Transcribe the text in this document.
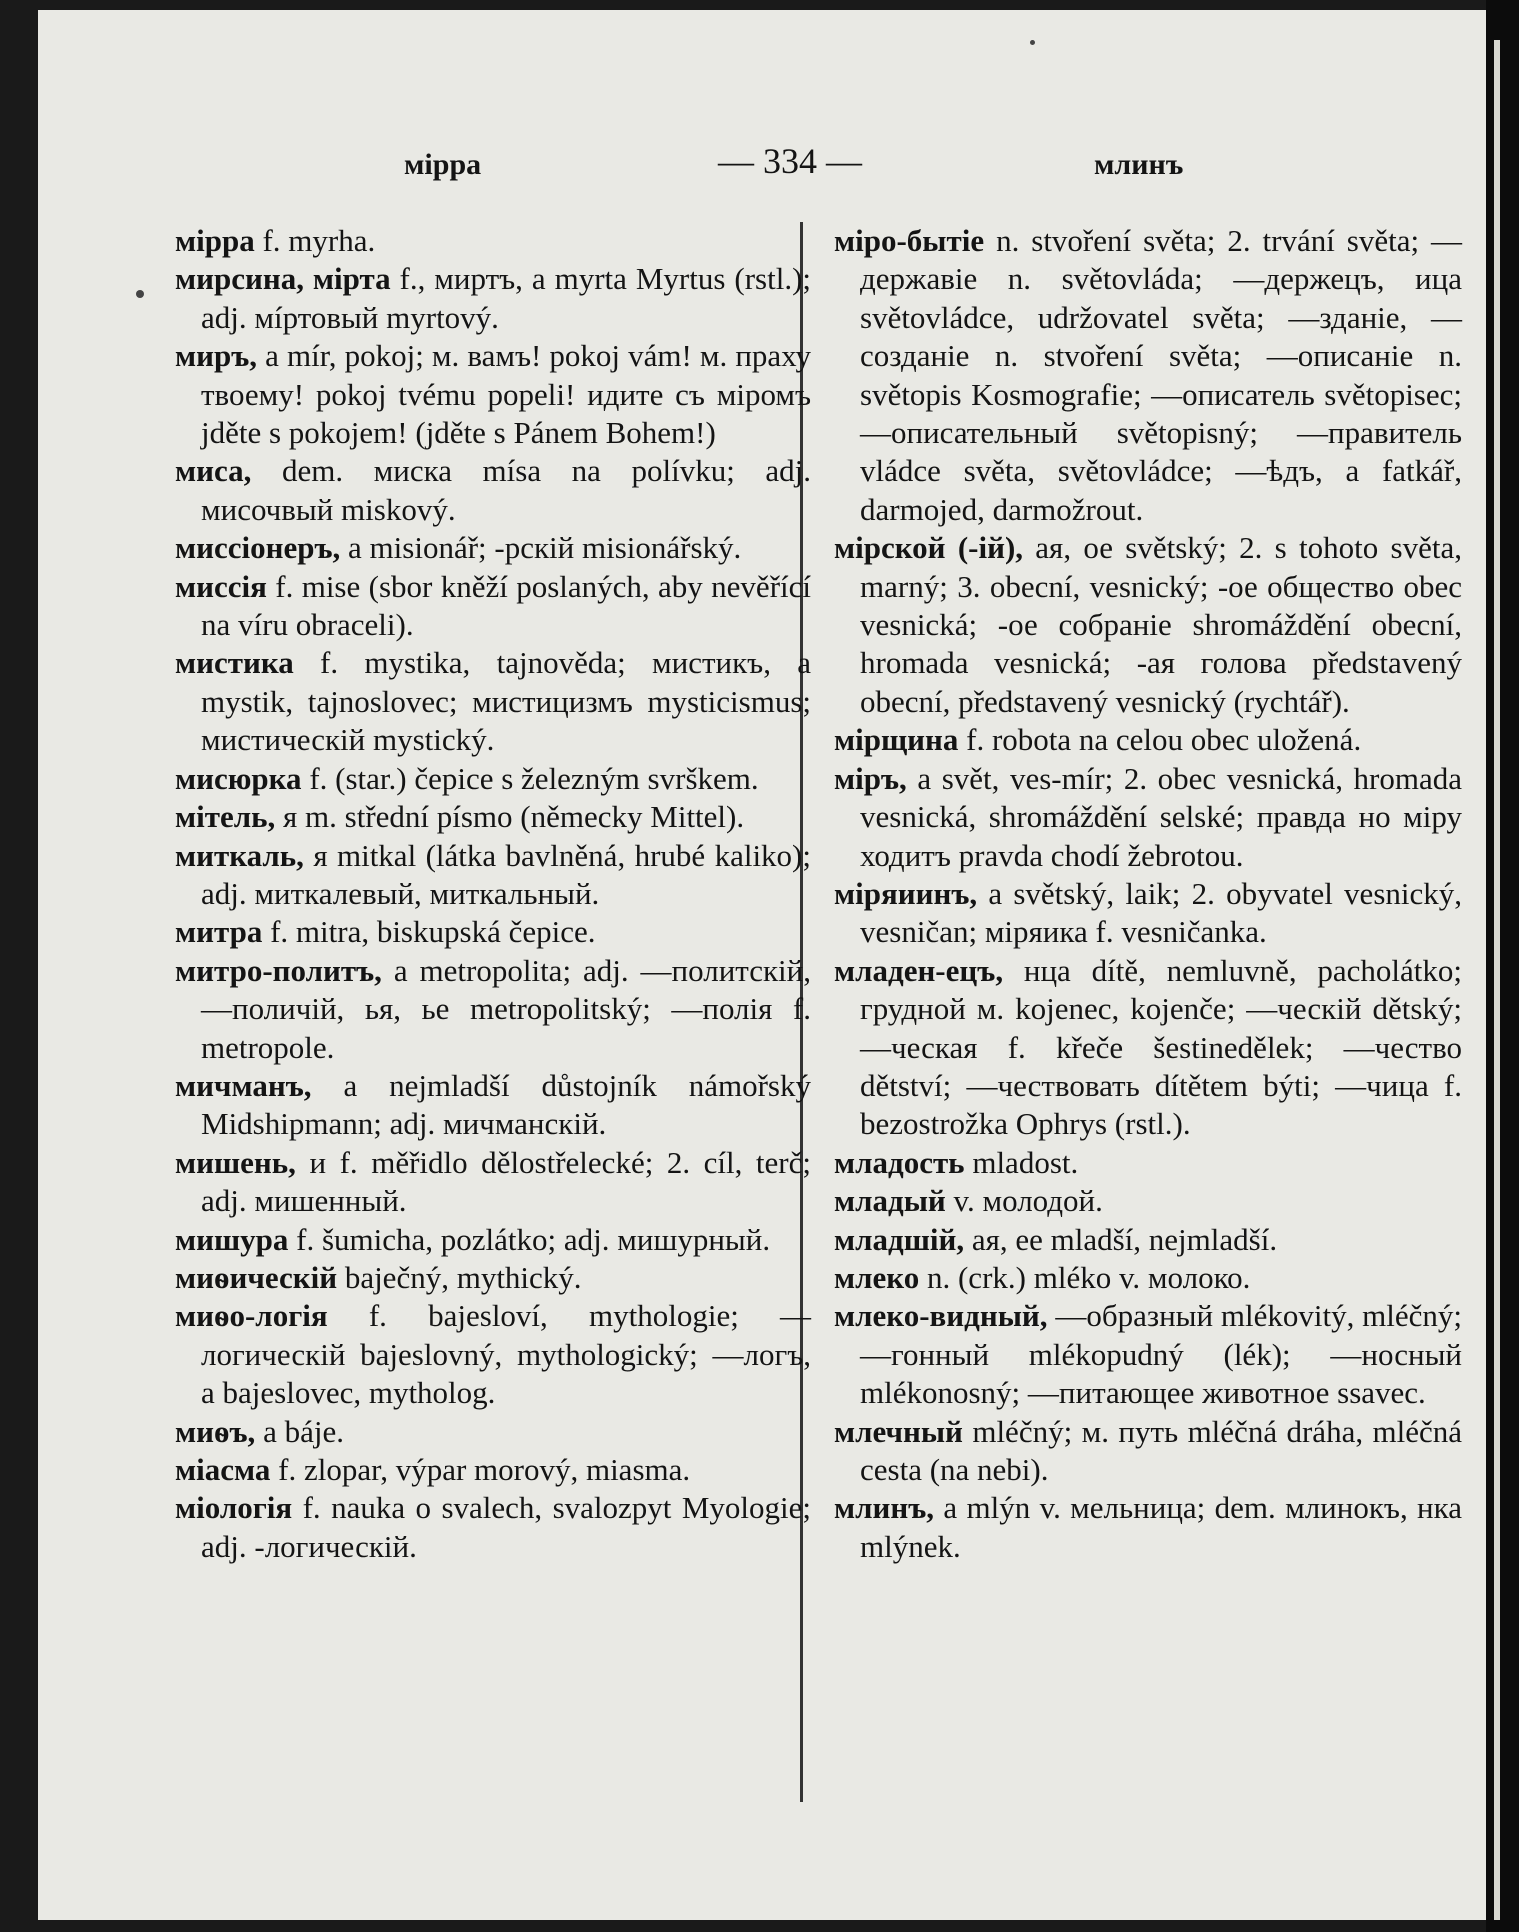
мірра	— 334 —	млинъ

мірра f. myrha.

мирсина, мірта f., миртъ, a myrta Myrtus (rstl.); adj. мíртовый myrtový.

миръ, a mír, pokoj; м. вамъ! pokoj vám! м. праху твоему! pokoj tvému popeli! идите съ міромъ jděte s pokojem! (jděte s Pánem Bohem!)

миса, dem. миска mísa na polívku; adj. мисочвый miskový.

миссіонеръ, a misionář; -рскій misionářský.

миссія f. mise (sbor kněží poslaných, aby nevěřící na víru obraceli).

мистика f. mystika, tajnověda; мистикъ, a mystik, tajnoslovec; мистицизмъ mysticismus; мистическій mystický.

мисюрка f. (star.) čepice s železným svrškem.

мітель, я m. střední písmo (německy Mittel).

миткаль, я mitkal (látka bavlněná, hrubé kaliko); adj. миткалевый, миткальный.

митра f. mitra, biskupská čepice.

митро-политъ, a metropolita; adj. —политскій, —поличій, ья, ье metropolitský; —полія f. metropole.

мичманъ, a nejmladší důstojník námořský Midshipmann; adj. мичманскій.

мишень, и f. měřidlo dělostřelecké; 2. cíl, terč; adj. мишенный.

мишура f. šumicha, pozlátko; adj. мишурный.

миѳическій baječný, mythický.

миѳо-логія f. bajesloví, mythologie; —логическій bajeslovný, mythologický; —логъ, a bajeslovec, mytholog.

миѳъ, a báje.

міасма f. zlopar, výpar morový, miasma.

міологія f. nauka o svalech, svalozpyt Myologie; adj. -логическій.

міро-бытіе n. stvoření světa; 2. trvání světa; —державіе n. světovláda; —держецъ, ица světovládce, udržovatel světa; —зданіе, —созданіе n. stvoření světa; —описаніе n. světopis Kosmografie; —описатель světopisec; —описательный světopisný; —правитель vládce světa, světovládce; —ѣдъ, a fatkář, darmojed, darmožrout.

мірской (-ій), ая, ое světský; 2. s tohoto světa, marný; 3. obecní, vesnický; -ое общество obec vesnická; -ое собраніе shromáždění obecní, hromada vesnická; -ая голова představený obecní, představený vesnický (rychtář).

мірщина f. robota na celou obec uložená.

міръ, a svět, ves-mír; 2. obec vesnická, hromada vesnická, shromáždění selské; правда но міру ходитъ pravda chodí žebrotou.

міряиинъ, a světský, laik; 2. obyvatel vesnický, vesničan; міряика f. vesničanka.

младен-ецъ, нца dítě, nemluvně, pacholátko; грудной м. kojenec, kojenče; —ческій dětský; —ческая f. křeče šestinedělek; —чество dětství; —чествовать dítětem býti; —чица f. bezostrožka Ophrys (rstl.).

младость mladost.

младый v. молодой.

младшій, ая, ее mladší, nejmladší.

млеко n. (crk.) mléko v. молоко.

млеко-видный, —образный mlékovitý, mléčný; —гонный mlékopudný (lék); —носный mlékonosný; —питающее животное ssavec.

млечный mléčný; м. путь mléčná dráha, mléčná cesta (na nebi).

млинъ, a mlýn v. мельница; dem. млинокъ, нка mlýnek.
